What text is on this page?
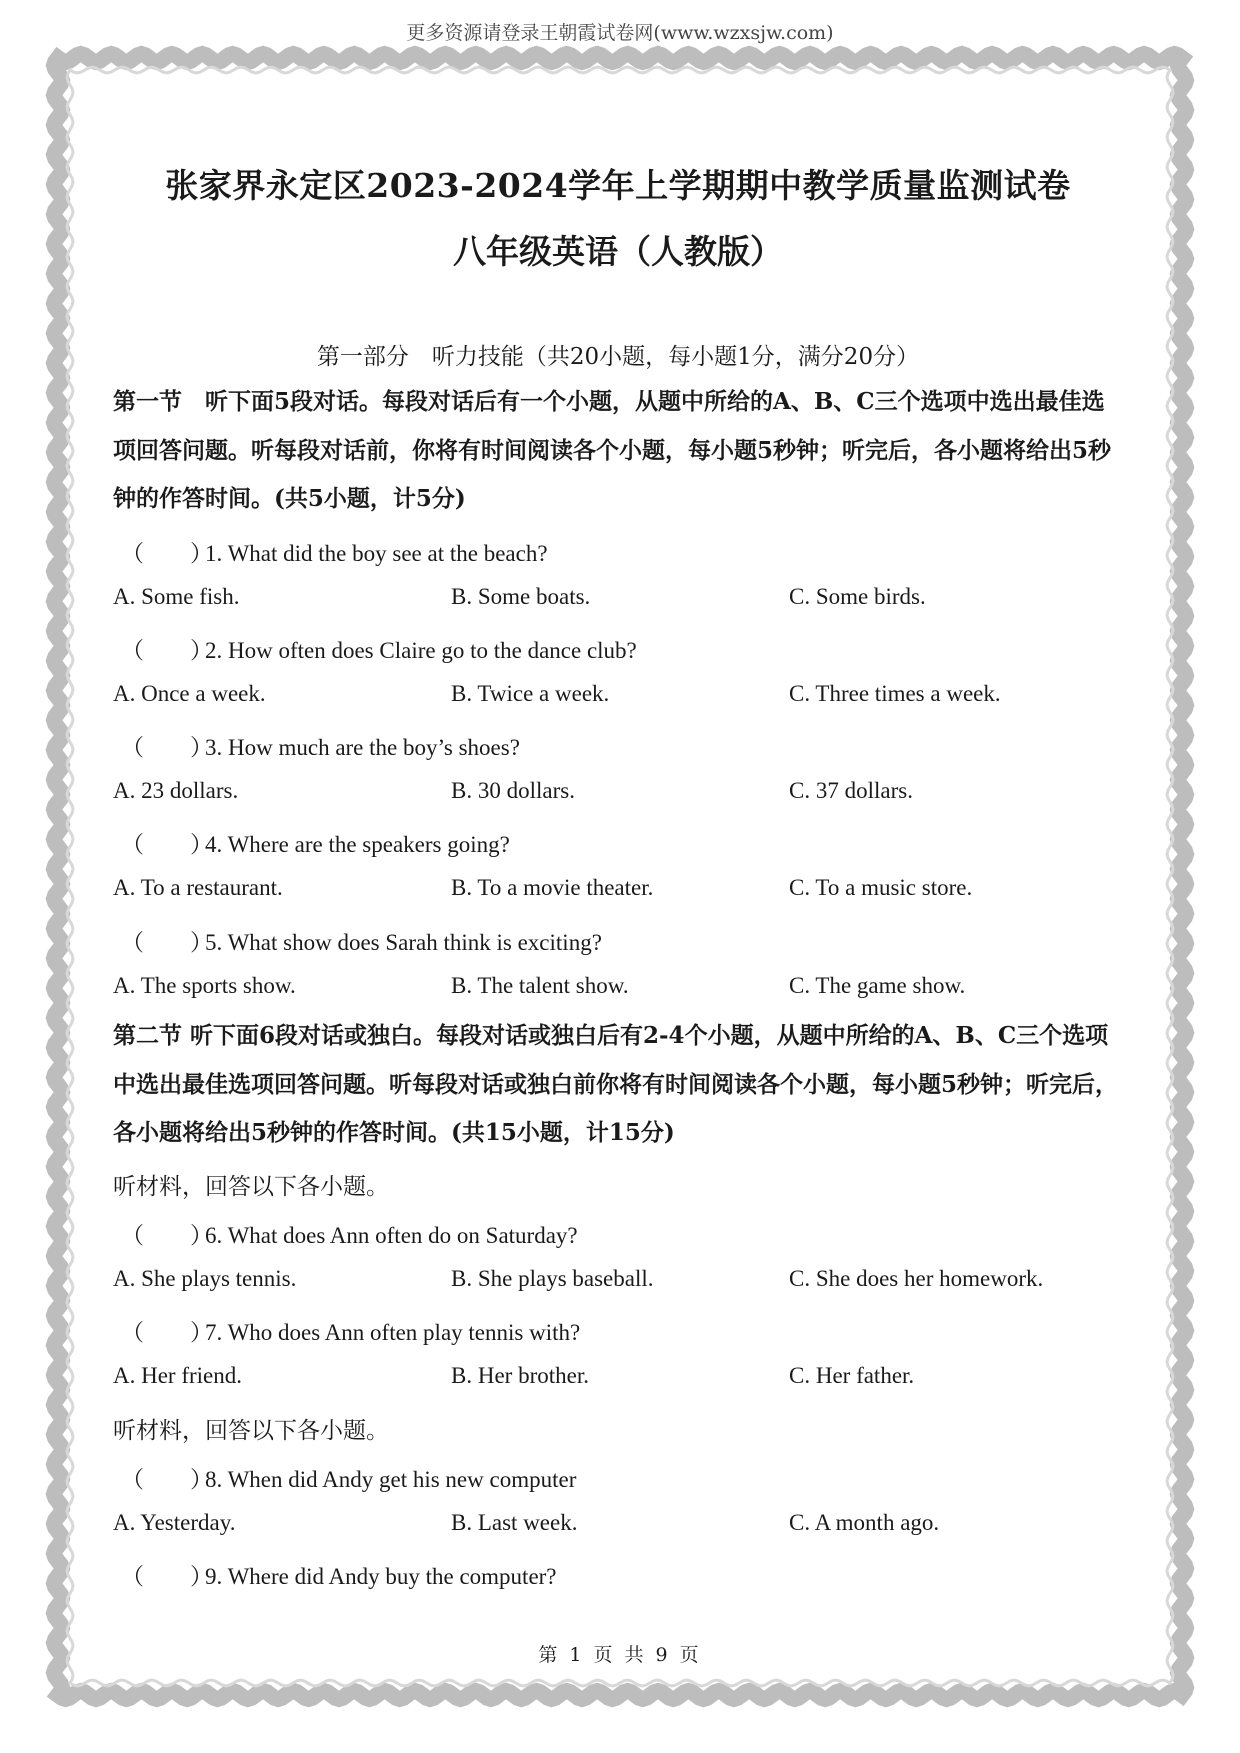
更多资源请登录王朝霞试卷网(www.wzxsjw.com)
张家界永定区2023-2024学年上学期期中教学质量监测试卷
八年级英语（人教版）
第一部分　听力技能（共20小题，每小题1分，满分20分）
第一节　听下面5段对话。每段对话后有一个小题，从题中所给的A、B、C三个选项中选出最佳选项回答问题。听每段对话前，你将有时间阅读各个小题，每小题5秒钟；听完后，各小题将给出5秒钟的作答时间。(共5小题，计5分)
（　　）1. What did the boy see at the beach?
A. Some fish.	B. Some boats.	C. Some birds.
（　　）2. How often does Claire go to the dance club?
A. Once a week.	B. Twice a week.	C. Three times a week.
（　　）3. How much are the boy’s shoes?
A. 23 dollars.	B. 30 dollars.	C. 37 dollars.
（　　）4. Where are the speakers going?
A. To a restaurant.	B. To a movie theater.	C. To a music store.
（　　）5. What show does Sarah think is exciting?
A. The sports show.	B. The talent show.	C. The game show.
第二节 听下面6段对话或独白。每段对话或独白后有2-4个小题，从题中所给的A、B、C三个选项中选出最佳选项回答问题。听每段对话或独白前你将有时间阅读各个小题，每小题5秒钟；听完后，各小题将给出5秒钟的作答时间。(共15小题，计15分)
听材料，回答以下各小题。
（　　）6. What does Ann often do on Saturday?
A. She plays tennis.	B. She plays baseball.	C. She does her homework.
（　　）7. Who does Ann often play tennis with?
A. Her friend.	B. Her brother.	C. Her father.
听材料，回答以下各小题。
（　　）8. When did Andy get his new computer
A. Yesterday.	B. Last week.	C. A month ago.
（　　）9. Where did Andy buy the computer?
第 1 页 共 9 页
